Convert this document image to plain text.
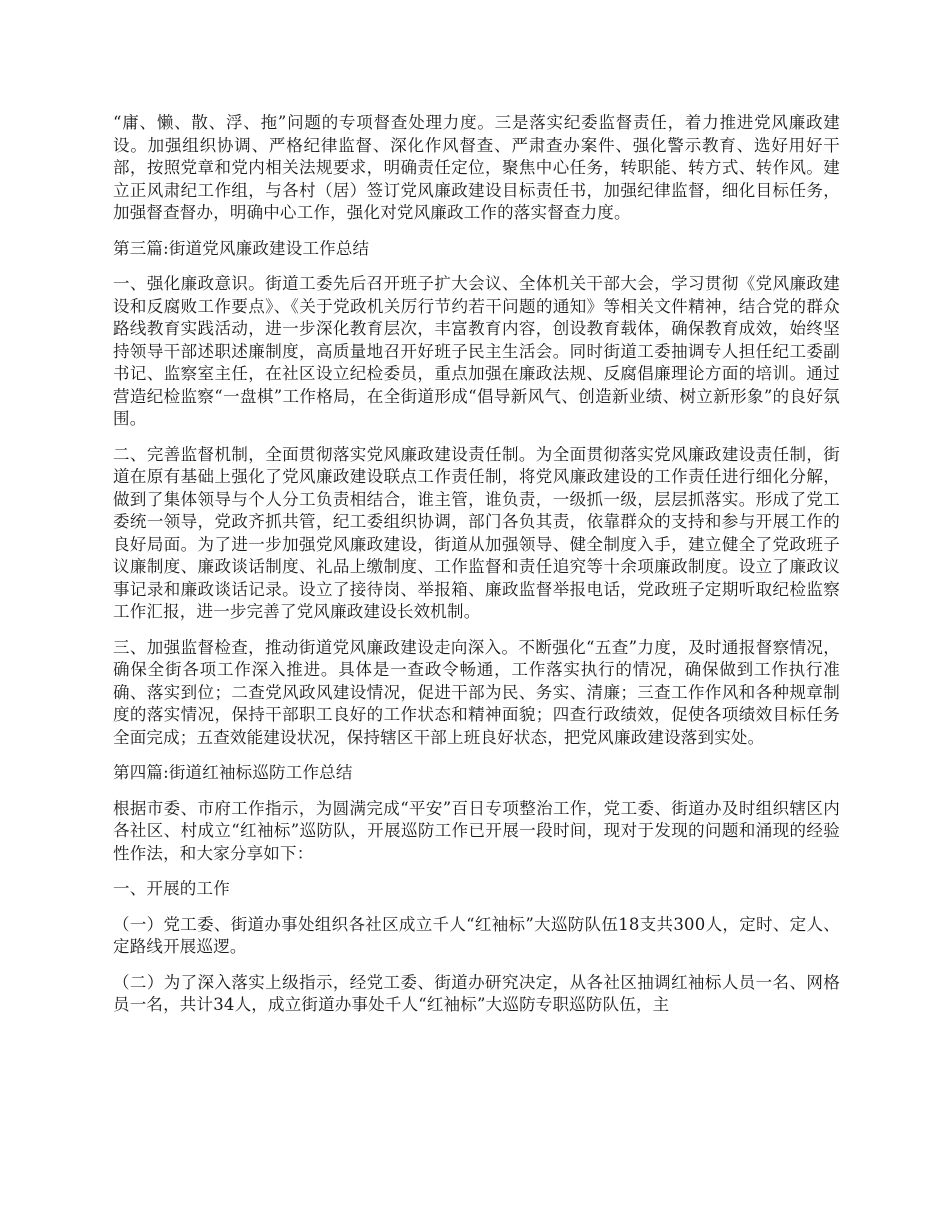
“庸、懒、散、浮、拖”问题的专项督查处理力度。三是落实纪委监督责任，着力推进党风廉政建设。加强组织协调、严格纪律监督、深化作风督查、严肃查办案件、强化警示教育、选好用好干部，按照党章和党内相关法规要求，明确责任定位，聚焦中心任务，转职能、转方式、转作风。建立正风肃纪工作组，与各村（居）签订党风廉政建设目标责任书，加强纪律监督，细化目标任务，加强督查督办，明确中心工作，强化对党风廉政工作的落实督查力度。

第三篇:街道党风廉政建设工作总结

一、强化廉政意识。街道工委先后召开班子扩大会议、全体机关干部大会，学习贯彻《党风廉政建设和反腐败工作要点》、《关于党政机关厉行节约若干问题的通知》等相关文件精神，结合党的群众路线教育实践活动，进一步深化教育层次，丰富教育内容，创设教育载体，确保教育成效，始终坚持领导干部述职述廉制度，高质量地召开好班子民主生活会。同时街道工委抽调专人担任纪工委副书记、监察室主任，在社区设立纪检委员，重点加强在廉政法规、反腐倡廉理论方面的培训。通过营造纪检监察“一盘棋”工作格局，在全街道形成“倡导新风气、创造新业绩、树立新形象”的良好氛围。

二、完善监督机制，全面贯彻落实党风廉政建设责任制。为全面贯彻落实党风廉政建设责任制，街道在原有基础上强化了党风廉政建设联点工作责任制，将党风廉政建设的工作责任进行细化分解，做到了集体领导与个人分工负责相结合，谁主管，谁负责，一级抓一级，层层抓落实。形成了党工委统一领导，党政齐抓共管，纪工委组织协调，部门各负其责，依靠群众的支持和参与开展工作的良好局面。为了进一步加强党风廉政建设，街道从加强领导、健全制度入手，建立健全了党政班子议廉制度、廉政谈话制度、礼品上缴制度、工作监督和责任追究等十余项廉政制度。设立了廉政议事记录和廉政谈话记录。设立了接待岗、举报箱、廉政监督举报电话，党政班子定期听取纪检监察工作汇报，进一步完善了党风廉政建设长效机制。

三、加强监督检查，推动街道党风廉政建设走向深入。不断强化“五查”力度，及时通报督察情况，确保全街各项工作深入推进。具体是一查政令畅通，工作落实执行的情况，确保做到工作执行准确、落实到位；二查党风政风建设情况，促进干部为民、务实、清廉；三查工作作风和各种规章制度的落实情况，保持干部职工良好的工作状态和精神面貌；四查行政绩效，促使各项绩效目标任务全面完成；五查效能建设状况，保持辖区干部上班良好状态，把党风廉政建设落到实处。

第四篇:街道红袖标巡防工作总结

根据市委、市府工作指示，为圆满完成“平安”百日专项整治工作，党工委、街道办及时组织辖区内各社区、村成立“红袖标”巡防队，开展巡防工作已开展一段时间，现对于发现的问题和涌现的经验性作法，和大家分享如下：

一、开展的工作

（一）党工委、街道办事处组织各社区成立千人“红袖标”大巡防队伍18支共300人，定时、定人、定路线开展巡逻。

（二）为了深入落实上级指示，经党工委、街道办研究决定，从各社区抽调红袖标人员一名、网格员一名，共计34人，成立街道办事处千人“红袖标”大巡防专职巡防队伍，主
